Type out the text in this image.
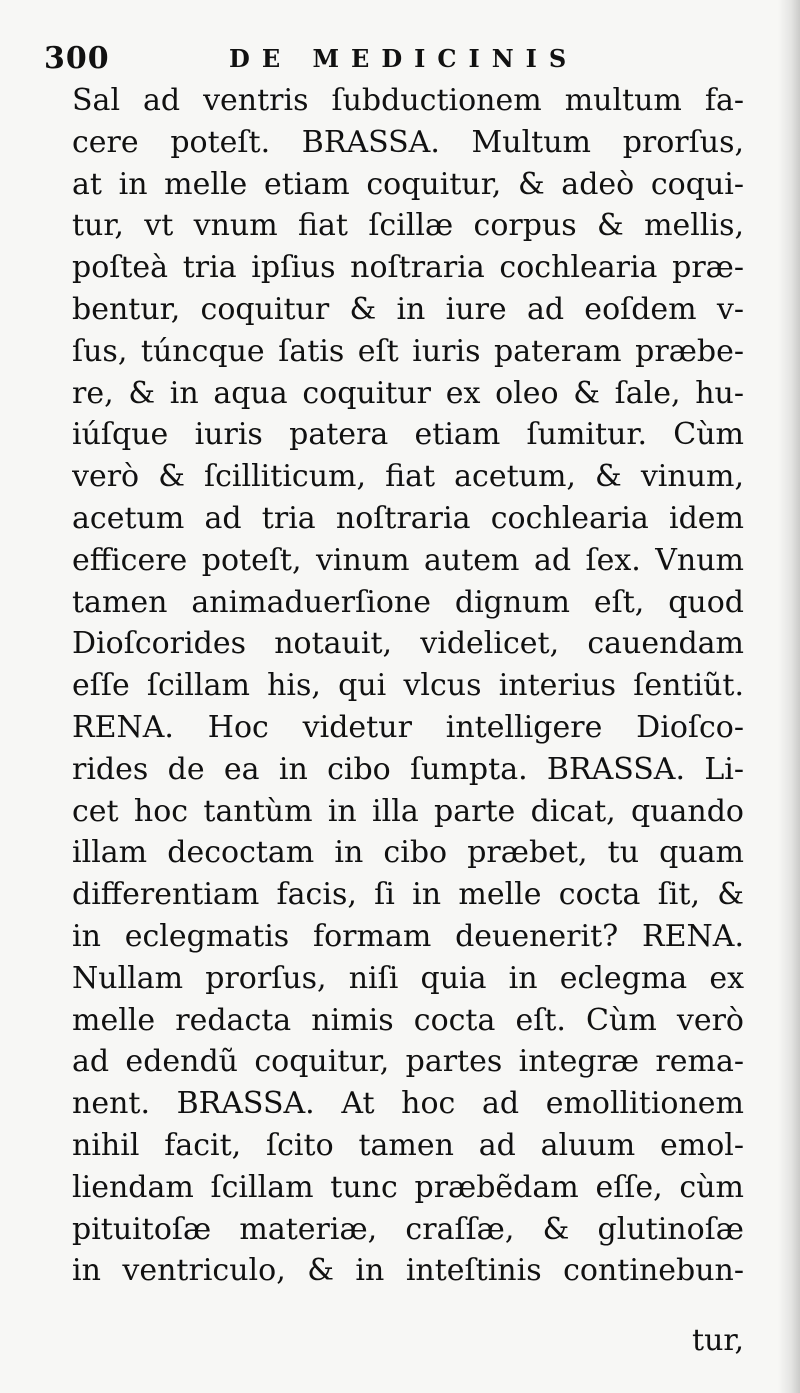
300	DE MEDICINIS
Sal ad ventris ſubductionem multum fa-
cere poteſt. BRASSA. Multum prorſus,
at in melle etiam coquitur, & adeò coqui-
tur, vt vnum fiat ſcillæ corpus & mellis,
poſteà tria ipſius noſtraria cochlearia præ-
bentur, coquitur & in iure ad eoſdem v-
ſus, túncque ſatis eſt iuris pateram præbe-
re, & in aqua coquitur ex oleo & ſale, hu-
iúſque iuris patera etiam ſumitur. Cùm
verò & ſcilliticum, fiat acetum, & vinum,
acetum ad tria noſtraria cochlearia idem
efficere poteſt, vinum autem ad ſex. Vnum
tamen animaduerſione dignum eſt, quod
Dioſcorides notauit, videlicet, cauendam
eſſe ſcillam his, qui vlcus interius ſentiũt.
RENA. Hoc videtur intelligere Dioſco-
rides de ea in cibo ſumpta. BRASSA. Li-
cet hoc tantùm in illa parte dicat, quando
illam decoctam in cibo præbet, tu quam
differentiam facis, ſi in melle cocta ſit, &
in eclegmatis formam deuenerit? RENA.
Nullam prorſus, niſi quia in eclegma ex
melle redacta nimis cocta eſt. Cùm verò
ad edendũ coquitur, partes integræ rema-
nent. BRASSA. At hoc ad emollitionem
nihil facit, ſcito tamen ad aluum emol-
liendam ſcillam tunc præbẽdam eſſe, cùm
pituitoſæ materiæ, craſſæ, & glutinoſæ
in ventriculo, & in inteſtinis continebun-
tur,
